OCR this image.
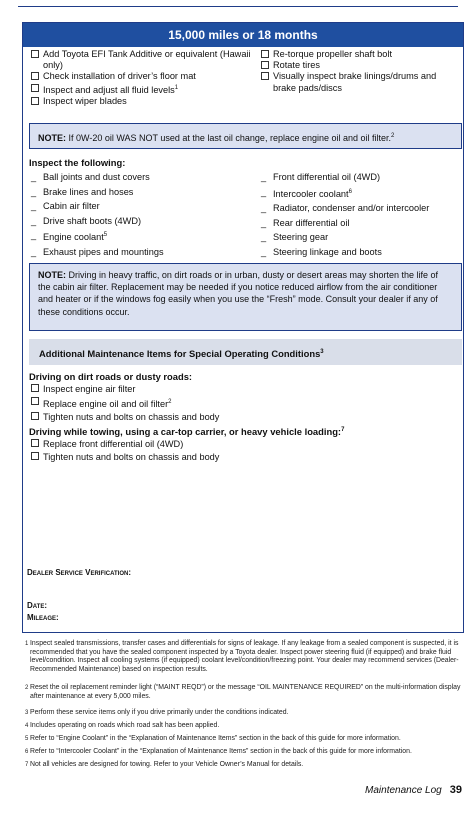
15,000 miles or 18 months
Add Toyota EFI Tank Additive or equivalent (Hawaii only)
Check installation of driver’s floor mat
Inspect and adjust all fluid levels$^1$
Inspect wiper blades
Re-torque propeller shaft bolt
Rotate tires
Visually inspect brake linings/drums and brake pads/discs
NOTE: If 0W-20 oil WAS NOT used at the last oil change, replace engine oil and oil filter.$^2$
Inspect the following:
_ Ball joints and dust covers
_ Brake lines and hoses
_ Cabin air filter
_ Drive shaft boots (4WD)
_ Engine coolant$^5$
_ Exhaust pipes and mountings
_ Front differential oil (4WD)
_ Intercooler coolant$^6$
_ Radiator, condenser and/or intercooler
_ Rear differential oil
_ Steering gear
_ Steering linkage and boots
NOTE: Driving in heavy traffic, on dirt roads or in urban, dusty or desert areas may shorten the life of the cabin air filter. Replacement may be needed if you notice reduced airflow from the air conditioner and heater or if the windows fog easily when you use the “Fresh” mode. Consult your dealer if any of these conditions occur.
Additional Maintenance Items for Special Operating Conditions$^3$
Driving on dirt roads or dusty roads:
Inspect engine air filter
Replace engine oil and oil filter$^2$
Tighten nuts and bolts on chassis and body
Driving while towing, using a car-top carrier, or heavy vehicle loading:$^7$
Replace front differential oil (4WD)
Tighten nuts and bolts on chassis and body
Dealer Service Verification:
Date:
Mileage:
1 Inspect sealed transmissions, transfer cases and differentials for signs of leakage. If any leakage from a sealed component is suspected, it is recommended that you have the sealed component inspected by a Toyota dealer. Inspect power steering fluid (if equipped) and brake fluid level/condition. Inspect all cooling systems (if equipped) coolant level/condition/freezing point. Your dealer may recommend services (Dealer-Recommended Maintenance) based on inspection results.
2 Reset the oil replacement reminder light (“MAINT REQD”) or the message “OIL MAINTENANCE REQUIRED” on the multi-information display after maintenance at every 5,000 miles.
3 Perform these service items only if you drive primarily under the conditions indicated.
4 Includes operating on roads which road salt has been applied.
5 Refer to “Engine Coolant” in the “Explanation of Maintenance Items” section in the back of this guide for more information.
6 Refer to “Intercooler Coolant” in the “Explanation of Maintenance Items” section in the back of this guide for more information.
7 Not all vehicles are designed for towing. Refer to your Vehicle Owner’s Manual for details.
Maintenance Log 39
